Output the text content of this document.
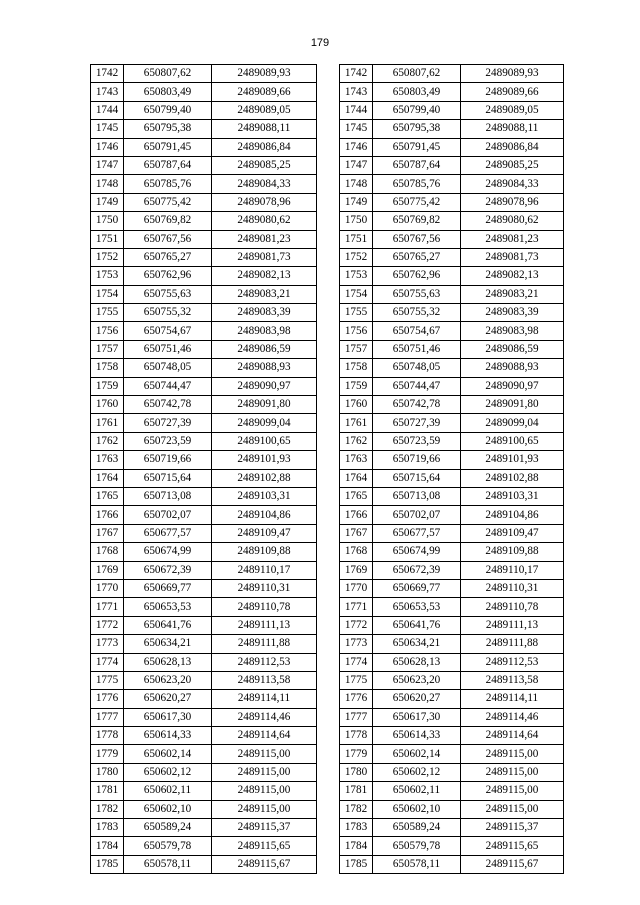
179
1742	650807,62	2489089,93
1743	650803,49	2489089,66
1744	650799,40	2489089,05
1745	650795,38	2489088,11
1746	650791,45	2489086,84
1747	650787,64	2489085,25
1748	650785,76	2489084,33
1749	650775,42	2489078,96
1750	650769,82	2489080,62
1751	650767,56	2489081,23
1752	650765,27	2489081,73
1753	650762,96	2489082,13
1754	650755,63	2489083,21
1755	650755,32	2489083,39
1756	650754,67	2489083,98
1757	650751,46	2489086,59
1758	650748,05	2489088,93
1759	650744,47	2489090,97
1760	650742,78	2489091,80
1761	650727,39	2489099,04
1762	650723,59	2489100,65
1763	650719,66	2489101,93
1764	650715,64	2489102,88
1765	650713,08	2489103,31
1766	650702,07	2489104,86
1767	650677,57	2489109,47
1768	650674,99	2489109,88
1769	650672,39	2489110,17
1770	650669,77	2489110,31
1771	650653,53	2489110,78
1772	650641,76	2489111,13
1773	650634,21	2489111,88
1774	650628,13	2489112,53
1775	650623,20	2489113,58
1776	650620,27	2489114,11
1777	650617,30	2489114,46
1778	650614,33	2489114,64
1779	650602,14	2489115,00
1780	650602,12	2489115,00
1781	650602,11	2489115,00
1782	650602,10	2489115,00
1783	650589,24	2489115,37
1784	650579,78	2489115,65
1785	650578,11	2489115,67
1742	650807,62	2489089,93
1743	650803,49	2489089,66
1744	650799,40	2489089,05
1745	650795,38	2489088,11
1746	650791,45	2489086,84
1747	650787,64	2489085,25
1748	650785,76	2489084,33
1749	650775,42	2489078,96
1750	650769,82	2489080,62
1751	650767,56	2489081,23
1752	650765,27	2489081,73
1753	650762,96	2489082,13
1754	650755,63	2489083,21
1755	650755,32	2489083,39
1756	650754,67	2489083,98
1757	650751,46	2489086,59
1758	650748,05	2489088,93
1759	650744,47	2489090,97
1760	650742,78	2489091,80
1761	650727,39	2489099,04
1762	650723,59	2489100,65
1763	650719,66	2489101,93
1764	650715,64	2489102,88
1765	650713,08	2489103,31
1766	650702,07	2489104,86
1767	650677,57	2489109,47
1768	650674,99	2489109,88
1769	650672,39	2489110,17
1770	650669,77	2489110,31
1771	650653,53	2489110,78
1772	650641,76	2489111,13
1773	650634,21	2489111,88
1774	650628,13	2489112,53
1775	650623,20	2489113,58
1776	650620,27	2489114,11
1777	650617,30	2489114,46
1778	650614,33	2489114,64
1779	650602,14	2489115,00
1780	650602,12	2489115,00
1781	650602,11	2489115,00
1782	650602,10	2489115,00
1783	650589,24	2489115,37
1784	650579,78	2489115,65
1785	650578,11	2489115,67
